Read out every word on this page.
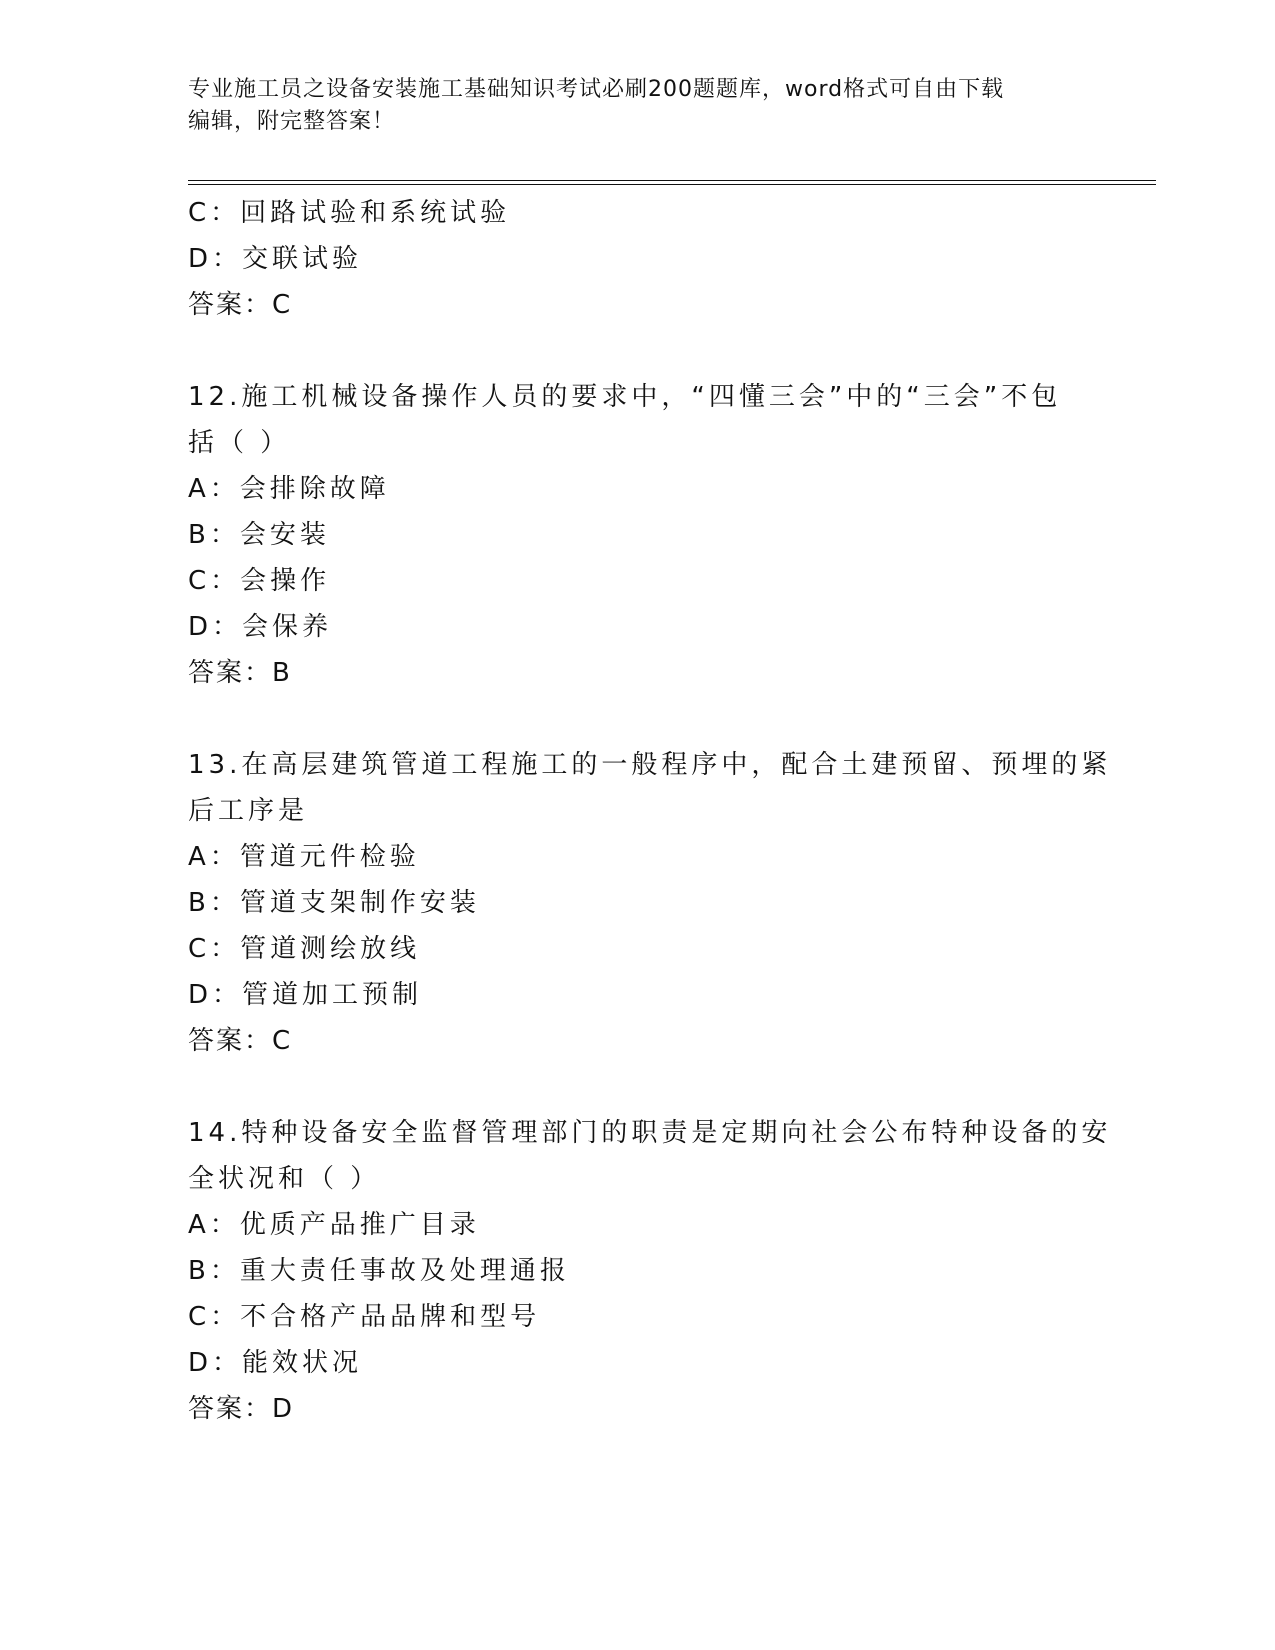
专业施工员之设备安装施工基础知识考试必刷200题题库，word格式可自由下载
编辑，附完整答案！
C：回路试验和系统试验
D：交联试验
答案：C
12.施工机械设备操作人员的要求中，“四懂三会”中的“三会”不包
括（ ）
A：会排除故障
B：会安装
C：会操作
D：会保养
答案：B
13.在高层建筑管道工程施工的一般程序中，配合土建预留、预埋的紧
后工序是
A：管道元件检验
B：管道支架制作安装
C：管道测绘放线
D：管道加工预制
答案：C
14.特种设备安全监督管理部门的职责是定期向社会公布特种设备的安
全状况和（ ）
A：优质产品推广目录
B：重大责任事故及处理通报
C：不合格产品品牌和型号
D：能效状况
答案：D
